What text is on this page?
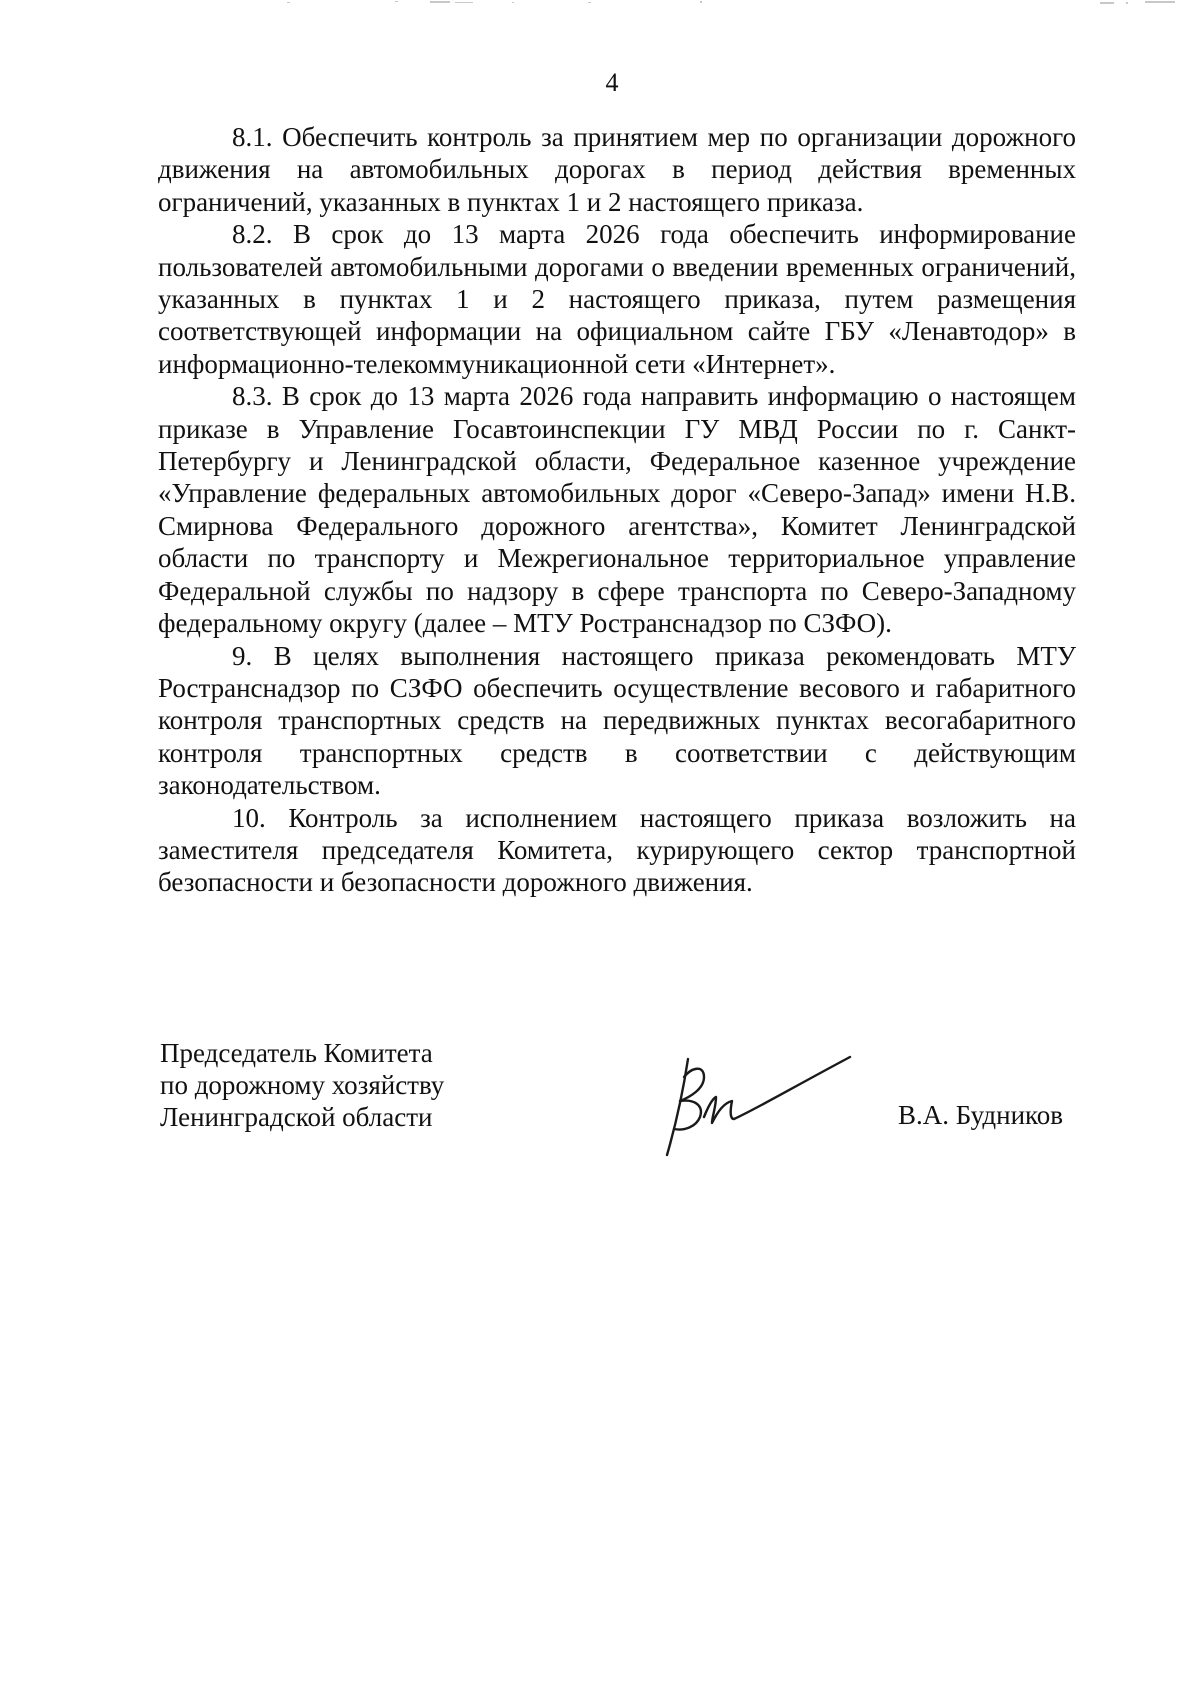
4

8.1. Обеспечить контроль за принятием мер по организации дорожного движения на автомобильных дорогах в период действия временных ограничений, указанных в пунктах 1 и 2 настоящего приказа.

8.2. В срок до 13 марта 2026 года обеспечить информирование пользователей автомобильными дорогами о введении временных ограничений, указанных в пунктах 1 и 2 настоящего приказа, путем размещения соответствующей информации на официальном сайте ГБУ «Ленавтодор» в информационно-телекоммуникационной сети «Интернет».

8.3. В срок до 13 марта 2026 года направить информацию о настоящем приказе в Управление Госавтоинспекции ГУ МВД России по г. Санкт-Петербургу и Ленинградской области, Федеральное казенное учреждение «Управление федеральных автомобильных дорог «Северо-Запад» имени Н.В. Смирнова Федерального дорожного агентства», Комитет Ленинградской области по транспорту и Межрегиональное территориальное управление Федеральной службы по надзору в сфере транспорта по Северо-Западному федеральному округу (далее – МТУ Ространснадзор по СЗФО).

9. В целях выполнения настоящего приказа рекомендовать МТУ Ространснадзор по СЗФО обеспечить осуществление весового и габаритного контроля транспортных средств на передвижных пунктах весогабаритного контроля транспортных средств в соответствии с действующим законодательством.

10. Контроль за исполнением настоящего приказа возложить на заместителя председателя Комитета, курирующего сектор транспортной безопасности и безопасности дорожного движения.

Председатель Комитета
по дорожному хозяйству
Ленинградской области	В.А. Будников
